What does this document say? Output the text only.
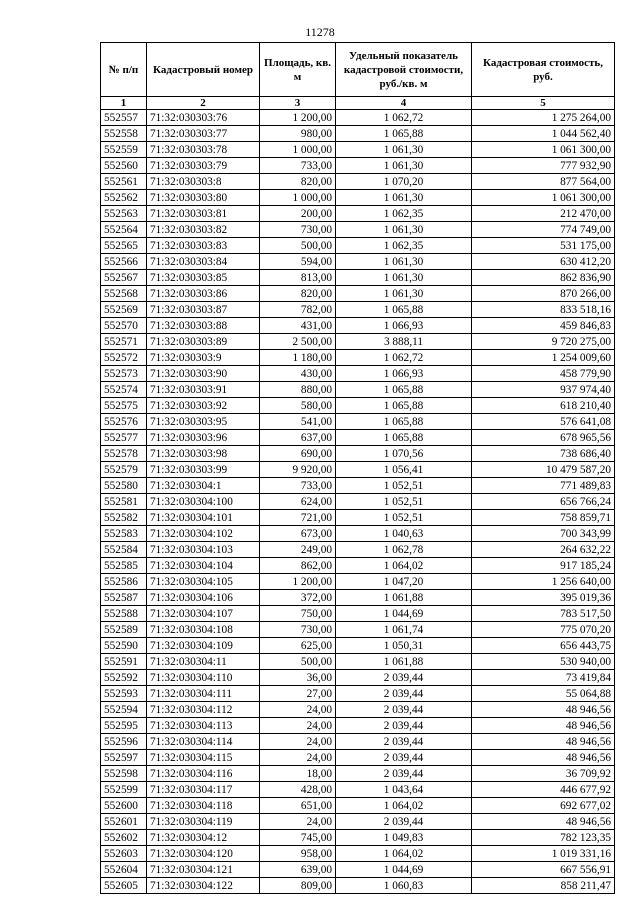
11278
№ п/п	Кадастровый номер	Площадь, кв. м	Удельный показатель кадастровой стоимости, руб./кв. м	Кадастровая стоимость, руб.
1	2	3	4	5
552557	71:32:030303:76	1 200,00	1 062,72	1 275 264,00
552558	71:32:030303:77	980,00	1 065,88	1 044 562,40
552559	71:32:030303:78	1 000,00	1 061,30	1 061 300,00
552560	71:32:030303:79	733,00	1 061,30	777 932,90
552561	71:32:030303:8	820,00	1 070,20	877 564,00
552562	71:32:030303:80	1 000,00	1 061,30	1 061 300,00
552563	71:32:030303:81	200,00	1 062,35	212 470,00
552564	71:32:030303:82	730,00	1 061,30	774 749,00
552565	71:32:030303:83	500,00	1 062,35	531 175,00
552566	71:32:030303:84	594,00	1 061,30	630 412,20
552567	71:32:030303:85	813,00	1 061,30	862 836,90
552568	71:32:030303:86	820,00	1 061,30	870 266,00
552569	71:32:030303:87	782,00	1 065,88	833 518,16
552570	71:32:030303:88	431,00	1 066,93	459 846,83
552571	71:32:030303:89	2 500,00	3 888,11	9 720 275,00
552572	71:32:030303:9	1 180,00	1 062,72	1 254 009,60
552573	71:32:030303:90	430,00	1 066,93	458 779,90
552574	71:32:030303:91	880,00	1 065,88	937 974,40
552575	71:32:030303:92	580,00	1 065,88	618 210,40
552576	71:32:030303:95	541,00	1 065,88	576 641,08
552577	71:32:030303:96	637,00	1 065,88	678 965,56
552578	71:32:030303:98	690,00	1 070,56	738 686,40
552579	71:32:030303:99	9 920,00	1 056,41	10 479 587,20
552580	71:32:030304:1	733,00	1 052,51	771 489,83
552581	71:32:030304:100	624,00	1 052,51	656 766,24
552582	71:32:030304:101	721,00	1 052,51	758 859,71
552583	71:32:030304:102	673,00	1 040,63	700 343,99
552584	71:32:030304:103	249,00	1 062,78	264 632,22
552585	71:32:030304:104	862,00	1 064,02	917 185,24
552586	71:32:030304:105	1 200,00	1 047,20	1 256 640,00
552587	71:32:030304:106	372,00	1 061,88	395 019,36
552588	71:32:030304:107	750,00	1 044,69	783 517,50
552589	71:32:030304:108	730,00	1 061,74	775 070,20
552590	71:32:030304:109	625,00	1 050,31	656 443,75
552591	71:32:030304:11	500,00	1 061,88	530 940,00
552592	71:32:030304:110	36,00	2 039,44	73 419,84
552593	71:32:030304:111	27,00	2 039,44	55 064,88
552594	71:32:030304:112	24,00	2 039,44	48 946,56
552595	71:32:030304:113	24,00	2 039,44	48 946,56
552596	71:32:030304:114	24,00	2 039,44	48 946,56
552597	71:32:030304:115	24,00	2 039,44	48 946,56
552598	71:32:030304:116	18,00	2 039,44	36 709,92
552599	71:32:030304:117	428,00	1 043,64	446 677,92
552600	71:32:030304:118	651,00	1 064,02	692 677,02
552601	71:32:030304:119	24,00	2 039,44	48 946,56
552602	71:32:030304:12	745,00	1 049,83	782 123,35
552603	71:32:030304:120	958,00	1 064,02	1 019 331,16
552604	71:32:030304:121	639,00	1 044,69	667 556,91
552605	71:32:030304:122	809,00	1 060,83	858 211,47
